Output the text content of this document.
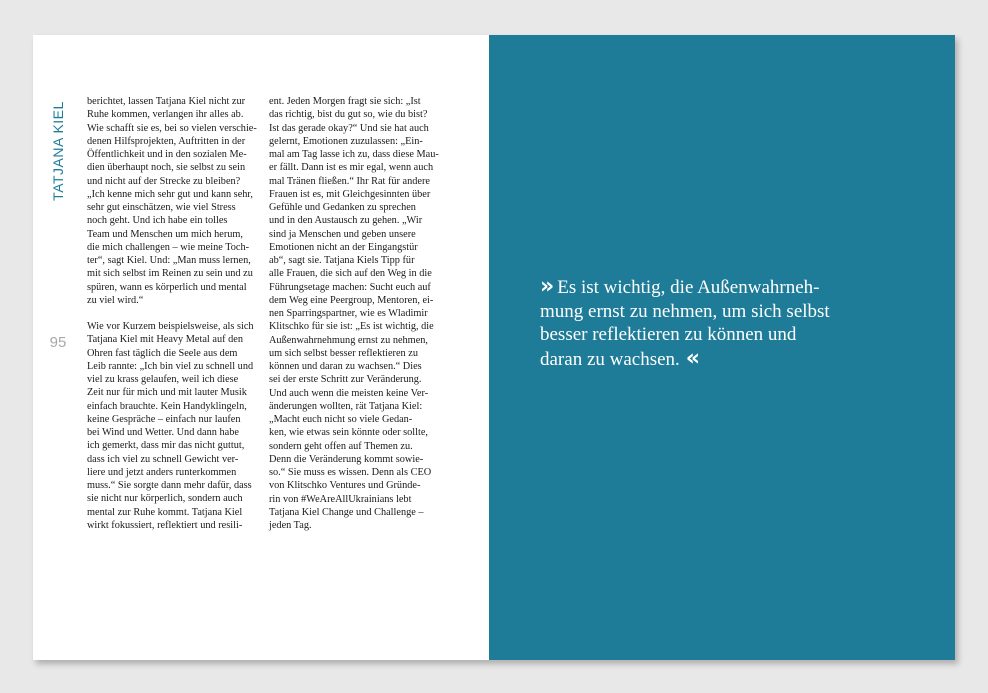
TATJANA KIEL
95

berichtet, lassen Tatjana Kiel nicht zur
Ruhe kommen, verlangen ihr alles ab.
Wie schafft sie es, bei so vielen verschie-
denen Hilfsprojekten, Auftritten in der
Öffentlichkeit und in den sozialen Me-
dien überhaupt noch, sie selbst zu sein
und nicht auf der Strecke zu bleiben?
„Ich kenne mich sehr gut und kann sehr,
sehr gut einschätzen, wie viel Stress
noch geht. Und ich habe ein tolles
Team und Menschen um mich herum,
die mich challengen – wie meine Toch-
ter“, sagt Kiel. Und: „Man muss lernen,
mit sich selbst im Reinen zu sein und zu
spüren, wann es körperlich und mental
zu viel wird.“

Wie vor Kurzem beispielsweise, als sich
Tatjana Kiel mit Heavy Metal auf den
Ohren fast täglich die Seele aus dem
Leib rannte: „Ich bin viel zu schnell und
viel zu krass gelaufen, weil ich diese
Zeit nur für mich und mit lauter Musik
einfach brauchte. Kein Handyklingeln,
keine Gespräche – einfach nur laufen
bei Wind und Wetter. Und dann habe
ich gemerkt, dass mir das nicht guttut,
dass ich viel zu schnell Gewicht ver-
liere und jetzt anders runterkommen
muss.“ Sie sorgte dann mehr dafür, dass
sie nicht nur körperlich, sondern auch
mental zur Ruhe kommt. Tatjana Kiel
wirkt fokussiert, reflektiert und resili-

ent. Jeden Morgen fragt sie sich: „Ist
das richtig, bist du gut so, wie du bist?
Ist das gerade okay?“ Und sie hat auch
gelernt, Emotionen zuzulassen: „Ein-
mal am Tag lasse ich zu, dass diese Mau-
er fällt. Dann ist es mir egal, wenn auch
mal Tränen fließen.“ Ihr Rat für andere
Frauen ist es, mit Gleichgesinnten über
Gefühle und Gedanken zu sprechen
und in den Austausch zu gehen. „Wir
sind ja Menschen und geben unsere
Emotionen nicht an der Eingangstür
ab“, sagt sie. Tatjana Kiels Tipp für
alle Frauen, die sich auf den Weg in die
Führungsetage machen: Sucht euch auf
dem Weg eine Peergroup, Mentoren, ei-
nen Sparringspartner, wie es Wladimir
Klitschko für sie ist: „Es ist wichtig, die
Außenwahrnehmung ernst zu nehmen,
um sich selbst besser reflektieren zu
können und daran zu wachsen.“ Dies
sei der erste Schritt zur Veränderung.
Und auch wenn die meisten keine Ver-
änderungen wollten, rät Tatjana Kiel:
„Macht euch nicht so viele Gedan-
ken, wie etwas sein könnte oder sollte,
sondern geht offen auf Themen zu.
Denn die Veränderung kommt sowie-
so.“ Sie muss es wissen. Denn als CEO
von Klitschko Ventures und Gründe-
rin von #WeAreAllUkrainians lebt
Tatjana Kiel Change und Challenge –
jeden Tag.

» Es ist wichtig, die Außenwahrneh-
mung ernst zu nehmen, um sich selbst
besser reflektieren zu können und
daran zu wachsen. «
